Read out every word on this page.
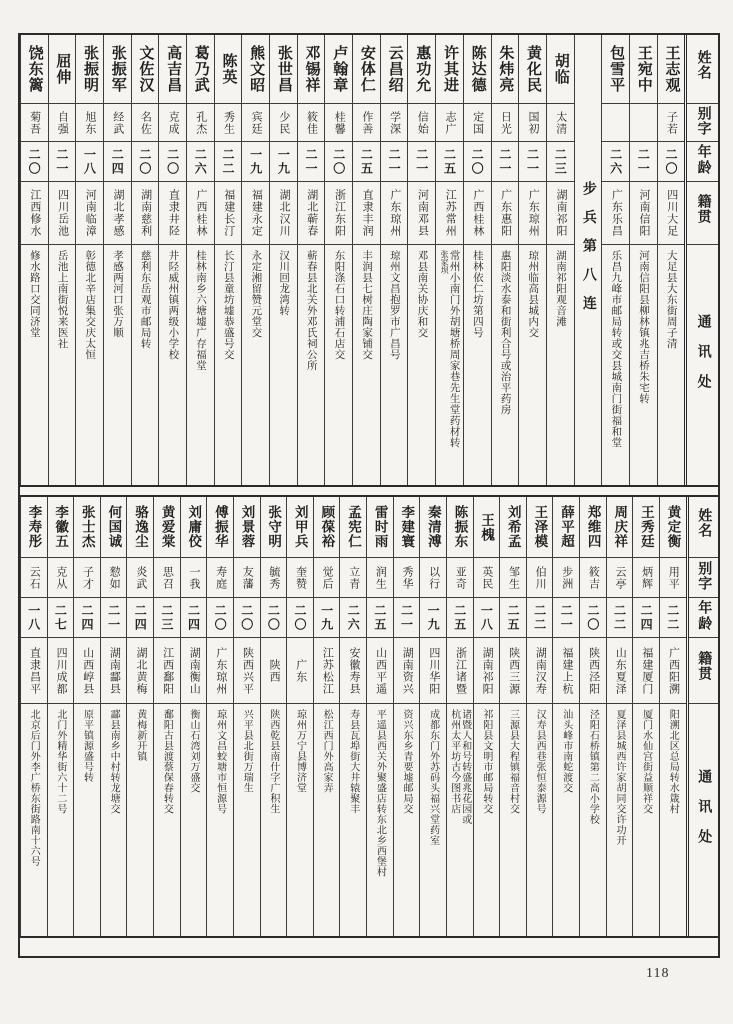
姓名
别字
年龄
籍贯
通讯处
王志观
子若
二〇
四川大足
大足县大东街周子清
王宛中
二一
河南信阳
河南信阳县柳林镇兆吉桥朱宅转
包雪平
二六
广东乐昌
乐昌九峰市邮局转或交县城南门街福和堂
步兵第八连
胡临
太清
二三
湖南祁阳
湖南祁阳观音滩
黄化民
国初
二一
广东琼州
琼州临高县城内交
朱炜亮
日光
二一
广东惠阳
惠阳淡水泰和街利合号或治平药房
陈达德
定国
二〇
广西桂林
桂林依仁坊第四号
许其进
志广
二五
江苏常州
常州小南门外胡塘桥周家巷先生堂药材转
张家坝
惠功允
信始
二一
河南邓县
邓县南关协庆和交
云昌绍
学深
二一
广东琼州
琼州文昌抱罗市广昌号
安体仁
作善
二五
直隶丰润
丰润县七树庄陶家铺交
卢翰章
桂馨
二〇
浙江东阳
东阳涤石口转浦石店交
邓锡祥
筱佳
二一
湖北蕲春
蕲春县北关外邓氏祠公所
张世昌
少民
一九
湖北汉川
汉川回龙湾转
熊文昭
宾廷
一九
福建永定
永定湘留赞元堂交
陈英
秀生
二二
福建长汀
长汀县童坊墟恭盛号交
葛乃武
孔杰
二六
广西桂林
桂林南乡六塘墟广存福堂
高吉昌
克成
二〇
直隶井陉
井陉威州镇两级小学校
文佐汉
名佐
二〇
湖南慈利
慈利东岳观市邮局转
张振军
经武
二四
湖北孝感
孝感两河口张万顺
张振明
旭东
一八
河南临漳
彰德北辛店集交庆太恒
屈伸
自强
二一
四川岳池
岳池上南街悦来医社
饶东篱
菊吾
二〇
江西修水
修水路口交同济堂
姓名
别字
年龄
籍贯
通讯处
黄定衡
用平
二二
广西阳溯
阳溯北区总局转水箴村
王秀廷
炳辉
二四
福建厦门
厦门水仙宫街益顺祥交
周庆祥
云亭
二二
山东夏泽
夏泽县城西许家胡同交许功开
郑维四
筱吉
二〇
陕西泾阳
泾阳石桥镇第二高小学校
薛平超
步洲
二一
福建上杭
汕头峰市南蛇渡交
王泽模
伯川
二二
湖南汉寿
汉寿县西巷张恒泰源号
刘希孟
邹生
二五
陕西三源
三源县大程镇福音村交
王槐
英民
一八
湖南祁阳
祁阳县文明市邮局转交
陈振东
亚奇
二五
浙江诸暨
诸暨人和号转盛兆花园或
杭州太平坊古今图书店
秦清溥
以行
一九
四川华阳
成都东门外苏码头福兴堂药室
李建寰
秀华
二一
湖南资兴
资兴东乡青要墟邮局交
雷时雨
润生
二五
山西平遥
平遥县西关外聚盛店转东北乡西堡村
孟宪仁
立青
二六
安徽寿县
寿县瓦埠街大井辕聚丰
顾葆裕
觉后
一九
江苏松江
松江西门外高家弄
刘甲兵
奎赞
二〇
广东
琼州万宁县博济堂
张守明
毓秀
二〇
陕西
陕西乾县南什字广积生
刘景蓉
友藩
二〇
陕西兴平
兴平县北街万瑞生
傅振华
寿庭
二〇
广东琼州
琼州文昌蛟塘市恒源号
刘庸佼
一我
二四
湖南衡山
衡山石湾刘万盛交
黄爱棠
思召
二三
江西鄱阳
鄱阳古县渡蔡保春转交
骆逸尘
炎武
二四
湖北黄梅
黄梅新开镇
何国诚
愸如
二一
湖南酃县
酃县南乡中村转龙塘交
张士杰
子才
二四
山西崞县
原平镇源盛号转
李徽五
克从
二七
四川成都
北门外精华街六十二号
李寿彤
云石
一八
直隶昌平
北京后门外李广桥东街路南十六号
118
